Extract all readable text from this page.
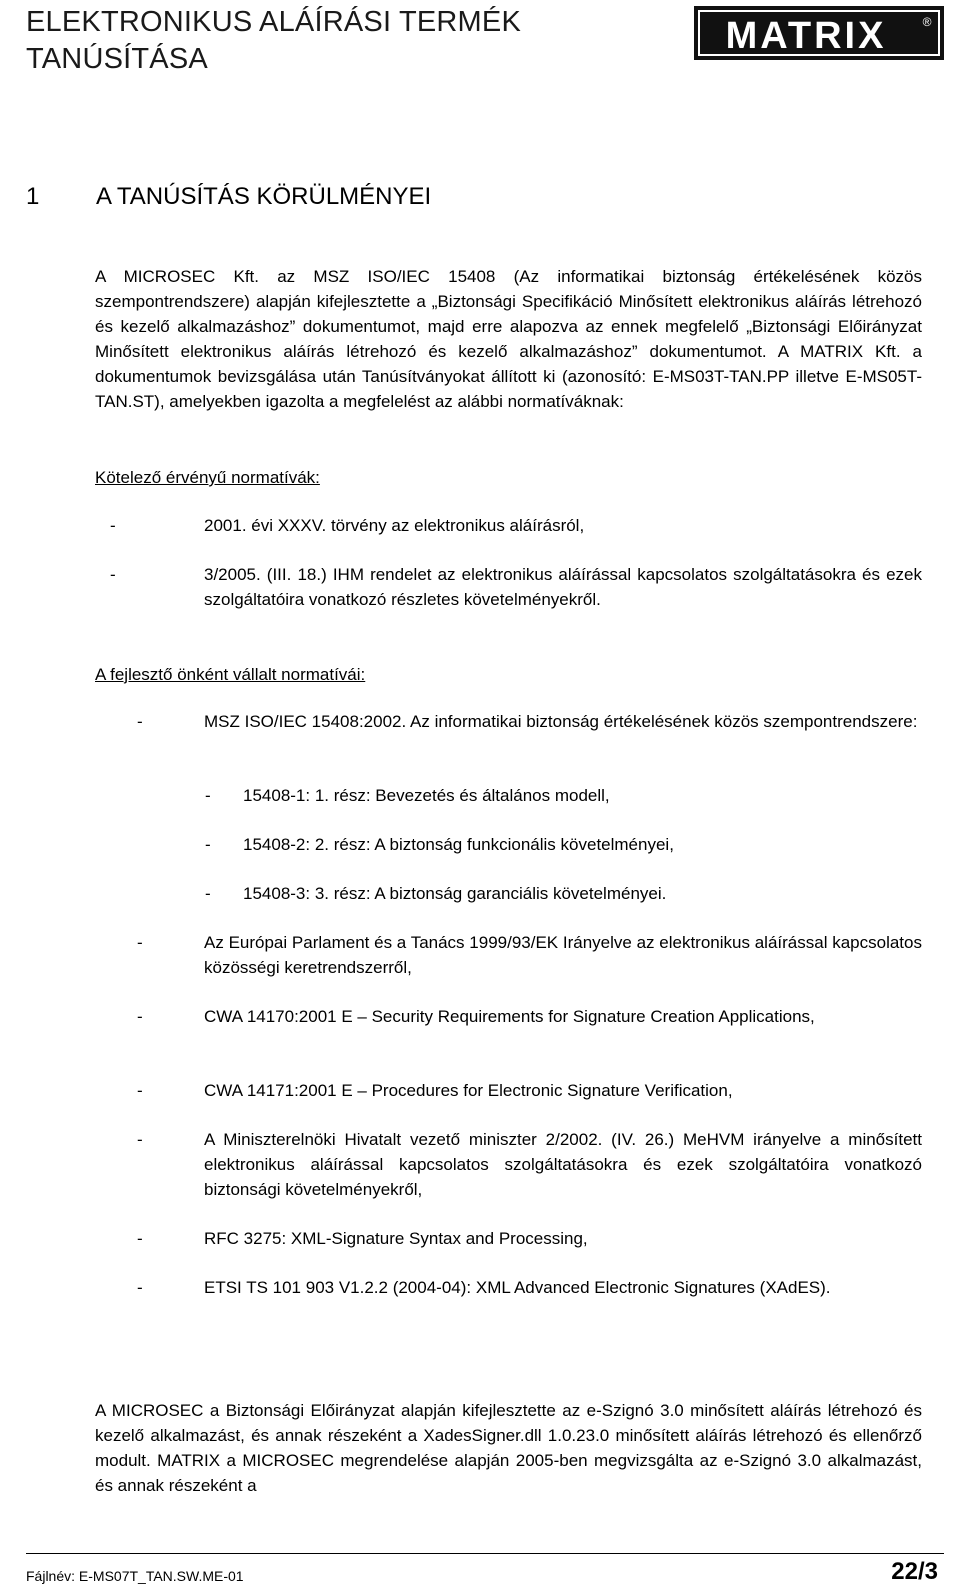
ELEKTRONIKUS ALÁÍRÁSI TERMÉK TANÚSÍTÁSA
MATRIX	®
1 A TANÚSÍTÁS KÖRÜLMÉNYEI

A MICROSEC Kft. az MSZ ISO/IEC 15408 (Az informatikai biztonság értékelésének közös szempontrendszere) alapján kifejlesztette a „Biztonsági Specifikáció Minősített elektronikus aláírás létrehozó és kezelő alkalmazáshoz” dokumentumot, majd erre alapozva az ennek megfelelő „Biztonsági Előirányzat Minősített elektronikus aláírás létrehozó és kezelő alkalmazáshoz” dokumentumot. A MATRIX Kft. a dokumentumok bevizsgálása után Tanúsítványokat állított ki (azonosító: E-MS03T-TAN.PP illetve E-MS05T-TAN.ST), amelyekben igazolta a megfelelést az alábbi normatíváknak:

Kötelező érvényű normatívák:

-	2001. évi XXXV. törvény az elektronikus aláírásról,
-	3/2005. (III. 18.) IHM rendelet az elektronikus aláírással kapcsolatos szolgáltatásokra és ezek szolgáltatóira vonatkozó részletes követelményekről.

A fejlesztő önként vállalt normatívái:

-	MSZ ISO/IEC 15408:2002. Az informatikai biztonság értékelésének közös szempontrendszere:
- 15408-1: 1. rész: Bevezetés és általános modell,
- 15408-2: 2. rész: A biztonság funkcionális követelményei,
- 15408-3: 3. rész: A biztonság garanciális követelményei.
-	Az Európai Parlament és a Tanács 1999/93/EK Irányelve az elektronikus aláírással kapcsolatos közösségi keretrendszerről,
-	CWA 14170:2001 E – Security Requirements for Signature Creation Applications,
-	CWA 14171:2001 E – Procedures for Electronic Signature Verification,
-	A Miniszterelnöki Hivatalt vezető miniszter 2/2002. (IV. 26.) MeHVM irányelve a minősített elektronikus aláírással kapcsolatos szolgáltatásokra és ezek szolgáltatóira vonatkozó biztonsági követelményekről,
-	RFC 3275: XML-Signature Syntax and Processing,
-	ETSI TS 101 903 V1.2.2 (2004-04): XML Advanced Electronic Signatures (XAdES).

A MICROSEC a Biztonsági Előirányzat alapján kifejlesztette az e-Szignó 3.0 minősített aláírás létrehozó és kezelő alkalmazást, és annak részeként a XadesSigner.dll 1.0.23.0 minősített aláírás létrehozó és ellenőrző modult. MATRIX a MICROSEC megrendelése alapján 2005-ben megvizsgálta az e-Szignó 3.0 alkalmazást, és annak részeként a

Fájlnév: E-MS07T_TAN.SW.ME-01	22/3
